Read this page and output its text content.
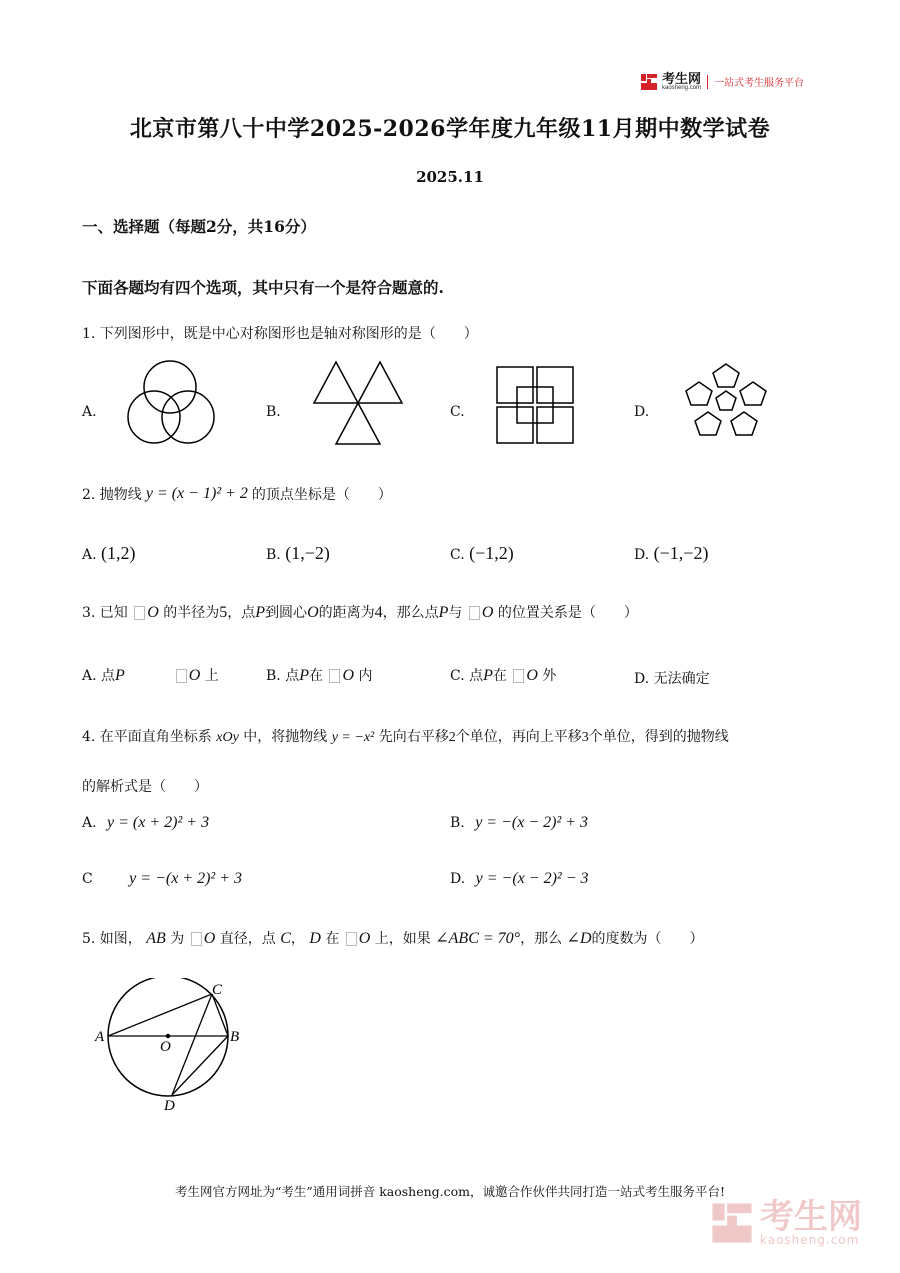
考生网
kaosheng.com 一站式考生服务平台
北京市第八十中学2025-2026学年度九年级11月期中数学试卷
2025.11
一、选择题（每题2分，共16分）
下面各题均有四个选项，其中只有一个是符合题意的.
1. 下列图形中，既是中心对称图形也是轴对称图形的是（　　）
A.	B.	C.	D.
2. 抛物线 y = (x − 1)² + 2 的顶点坐标是（　　）
A. (1,2)	B. (1,−2)	C. (−1,2)	D. (−1,−2)
3. 已知 O 的半径为5，点P到圆心O的距离为4，那么点P与 O 的位置关系是（　　）
A. 点P	O 上	B. 点P在 O 内	C. 点P在 O 外	D. 无法确定
4. 在平面直角坐标系 xOy 中，将抛物线 y = −x² 先向右平移2个单位，再向上平移3个单位，得到的抛物线
的解析式是（　　）
A. y = (x + 2)² + 3	B. y = −(x − 2)² + 3
C y = −(x + 2)² + 3	D. y = −(x − 2)² − 3
5. 如图， AB 为 O 直径，点 C， D 在 O 上，如果 ∠ABC = 70°，那么 ∠D的度数为（　　）
A	B
C
D
O
考生网官方网址为“考生”通用词拼音 kaosheng.com，诚邀合作伙伴共同打造一站式考生服务平台!
考生网
kaosheng.com
